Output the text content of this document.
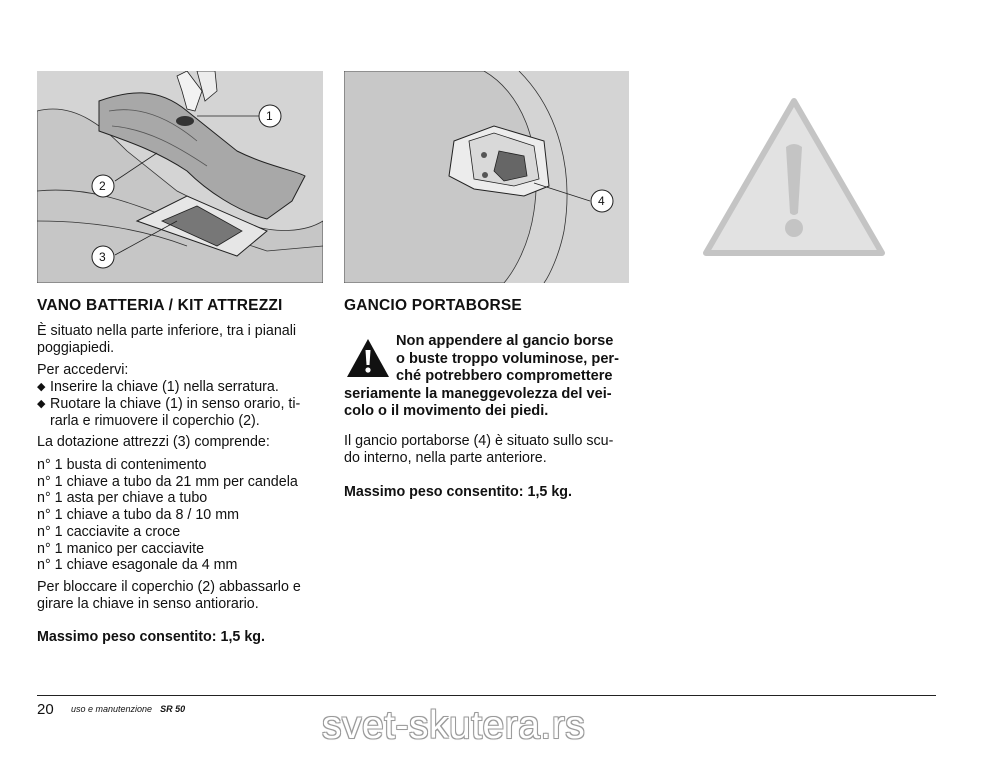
1
2
3
4
VANO BATTERIA / KIT ATTREZZI
È situato nella parte inferiore, tra i pianali
poggiapiedi.
Per accedervi:
◆ Inserire la chiave (1) nella serratura.
◆ Ruotare la chiave (1) in senso orario, ti-
rarla e rimuovere il coperchio (2).
La dotazione attrezzi (3) comprende:
n° 1 busta di contenimento
n° 1 chiave a tubo da 21 mm per candela
n° 1 asta per chiave a tubo
n° 1 chiave a tubo da 8 / 10 mm
n° 1 cacciavite a croce
n° 1 manico per cacciavite
n° 1 chiave esagonale da 4 mm
Per bloccare il coperchio (2) abbassarlo e
girare la chiave in senso antiorario.
Massimo peso consentito: 1,5 kg.
GANCIO PORTABORSE
Non appendere al gancio borse
o buste troppo voluminose, per-
ché potrebbero compromettere
seriamente la maneggevolezza del vei-
colo o il movimento dei piedi.
Il gancio portaborse (4) è situato sullo scu-
do interno, nella parte anteriore.
Massimo peso consentito: 1,5 kg.
20 uso e manutenzione SR 50	svet-skutera.rs
